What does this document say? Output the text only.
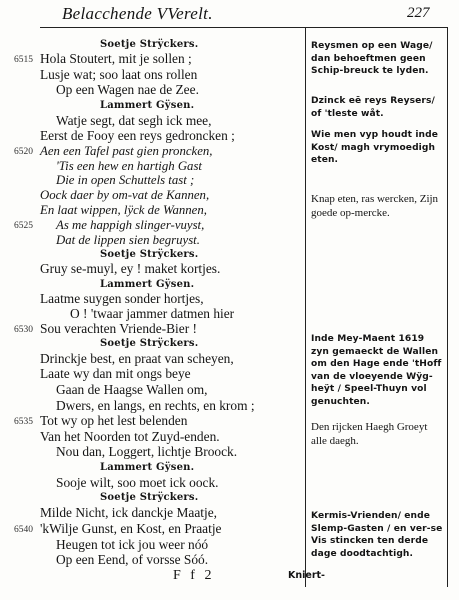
Belacchende VVerelt.	227
Soetje Strÿckers.
Hola Stoutert, mit je sollen ;
6515
Lusje wat; soo laat ons rollen
Op een Wagen nae de Zee.
Lammert Gÿsen.
Watje segt, dat segh ick mee,
Eerst de Fooy een reys gedroncken ;
Aen een Tafel past gien proncken,
6520
'Tis een hew en hartigh Gast
Die in open Schuttels tast ;
Oock daer by om-vat de Kannen,
En laat wippen, lÿck de Wannen,
As me happigh slinger-vuyst,
6525
Dat de lippen sien begruyst.
Soetje Strÿckers.
Gruy se-muyl, ey ! maket kortjes.
Lammert Gÿsen.
Laatme suygen sonder hortjes,
O ! 'twaar jammer datmen hier
Sou verachten Vriende-Bier !
6530
Soetje Strÿckers.
Drinckje best, en praat van scheyen,
Laate wy dan mit ongs beye
Gaan de Haagse Wallen om,
Dwers, en langs, en rechts, en krom ;
Tot wy op het lest belenden
6535
Van het Noorden tot Zuyd-enden.
Nou dan, Loggert, lichtje Broock.
Lammert Gÿsen.
Sooje wilt, soo moet ick oock.
Soetje Strÿckers.
Milde Nicht, ick danckje Maatje,
'kWilje Gunst, en Kost, en Praatje
6540
Heugen tot ick jou weer nóó
Op een Eend, of vorsse Sóó.
Reysmen op een Wage/ dan behoeftmen geen Schip-breuck te lyden.
Dzinck eē reys Reysers/ of 'tleste wåt.
Wie men vyp houdt inde Kost/ magh vrymoedigh eten.
Knap eten, ras wercken, Zijn goede op-mercke.
Inde Mey-Maent 1619 zyn gemaeckt de Wallen om den Hage ende 'tHoff van de vloeyende Wÿg-heÿt / Speel-Thuyn vol genuchten.
Den rijcken Haegh Groeyt alle daegh.
Kermis-Vrienden/ ende Slemp-Gasten / en ver-se Vis stincken ten derde dage doodtachtigh.
F f 2	Kniert-
